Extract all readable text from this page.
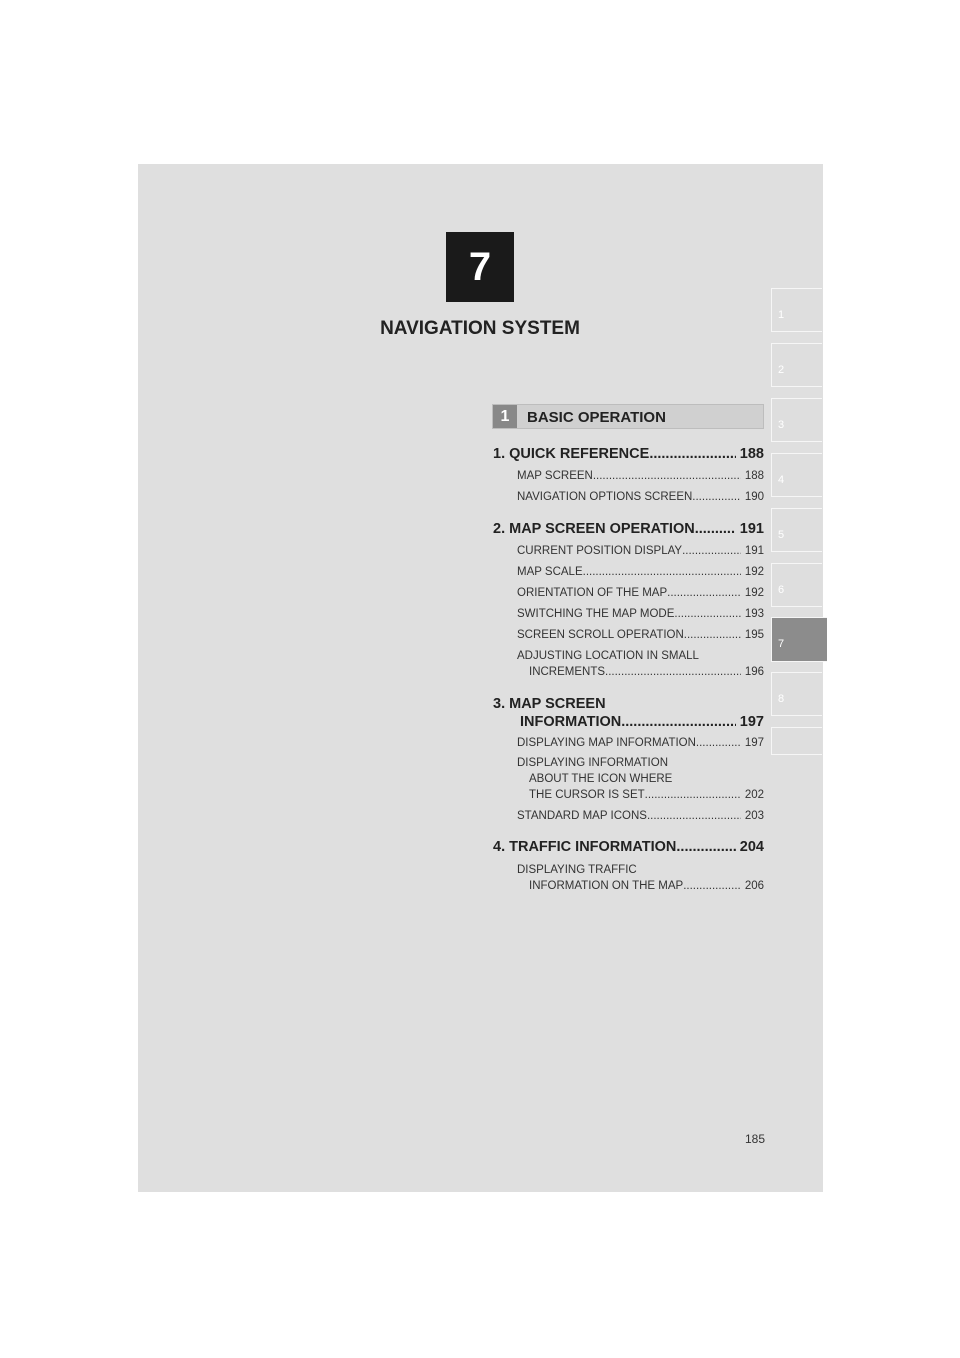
7
NAVIGATION SYSTEM
1
2
3
4
5
6
7
8
1	BASIC OPERATION
1. QUICK REFERENCE .....	188
MAP SCREEN .....	188
NAVIGATION OPTIONS SCREEN .....	190
2. MAP SCREEN OPERATION .....	191
CURRENT POSITION DISPLAY .....	191
MAP SCALE .....	192
ORIENTATION OF THE MAP .....	192
SWITCHING THE MAP MODE .....	193
SCREEN SCROLL OPERATION .....	195
ADJUSTING LOCATION IN SMALL
INCREMENTS .....	196
3. MAP SCREEN
INFORMATION .....	197
DISPLAYING MAP INFORMATION .....	197
DISPLAYING INFORMATION
ABOUT THE ICON WHERE
THE CURSOR IS SET .....	202
STANDARD MAP ICONS .....	203
4. TRAFFIC INFORMATION .....	204
DISPLAYING TRAFFIC
INFORMATION ON THE MAP .....	206
185
